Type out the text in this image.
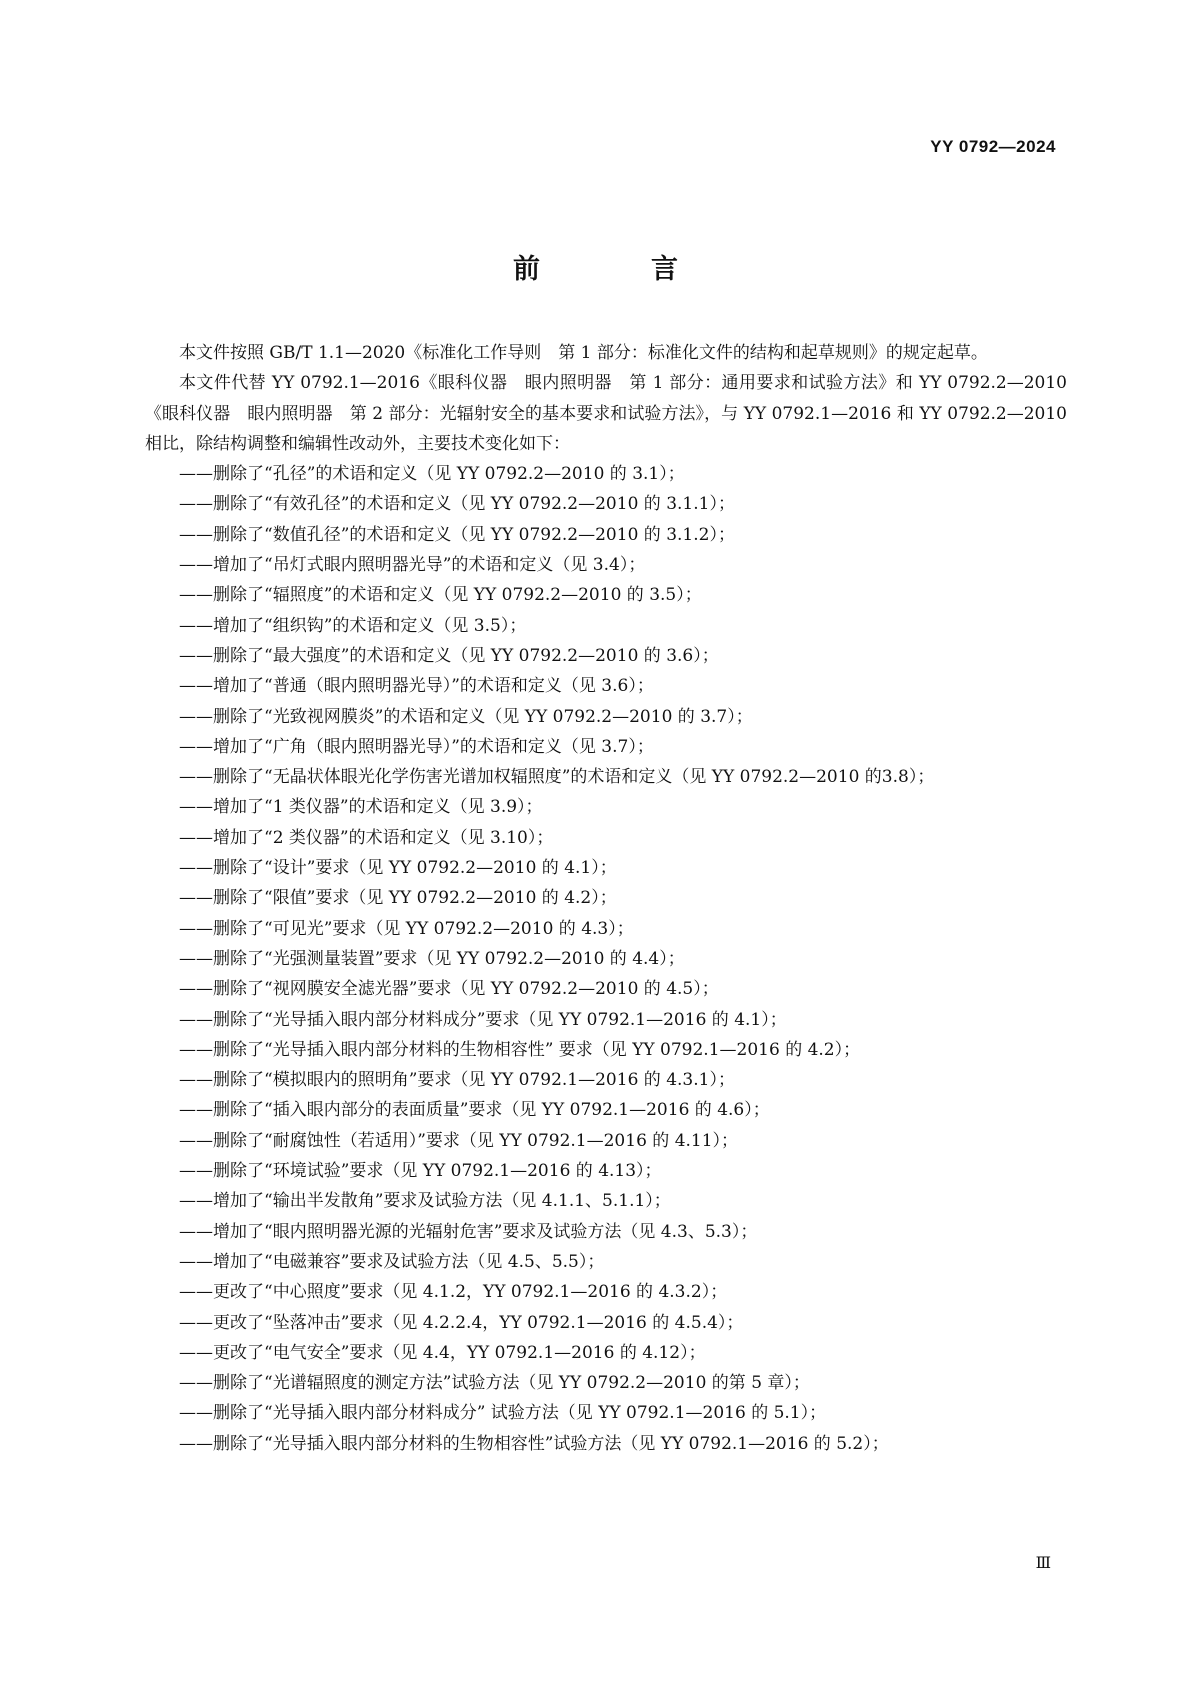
YY 0792—2024
前　言

本文件按照 GB/T 1.1—2020《标准化工作导则　第 1 部分：标准化文件的结构和起草规则》的规定起草。

本文件代替 YY 0792.1—2016《眼科仪器　眼内照明器　第 1 部分：通用要求和试验方法》和 YY 0792.2—2010《眼科仪器　眼内照明器　第 2 部分：光辐射安全的基本要求和试验方法》，与 YY 0792.1—2016 和 YY 0792.2—2010 相比，除结构调整和编辑性改动外，主要技术变化如下：

——删除了“孔径”的术语和定义（见 YY 0792.2—2010 的 3.1）；
——删除了“有效孔径”的术语和定义（见 YY 0792.2—2010 的 3.1.1）；
——删除了“数值孔径”的术语和定义（见 YY 0792.2—2010 的 3.1.2）；
——增加了“吊灯式眼内照明器光导”的术语和定义（见 3.4）；
——删除了“辐照度”的术语和定义（见 YY 0792.2—2010 的 3.5）；
——增加了“组织钩”的术语和定义（见 3.5）；
——删除了“最大强度”的术语和定义（见 YY 0792.2—2010 的 3.6）；
——增加了“普通（眼内照明器光导）”的术语和定义（见 3.6）；
——删除了“光致视网膜炎”的术语和定义（见 YY 0792.2—2010 的 3.7）；
——增加了“广角（眼内照明器光导）”的术语和定义（见 3.7）；
——删除了“无晶状体眼光化学伤害光谱加权辐照度”的术语和定义（见 YY 0792.2—2010 的3.8）；
——增加了“1 类仪器”的术语和定义（见 3.9）；
——增加了“2 类仪器”的术语和定义（见 3.10）；
——删除了“设计”要求（见 YY 0792.2—2010 的 4.1）；
——删除了“限值”要求（见 YY 0792.2—2010 的 4.2）；
——删除了“可见光”要求（见 YY 0792.2—2010 的 4.3）；
——删除了“光强测量装置”要求（见 YY 0792.2—2010 的 4.4）；
——删除了“视网膜安全滤光器”要求（见 YY 0792.2—2010 的 4.5）；
——删除了“光导插入眼内部分材料成分”要求（见 YY 0792.1—2016 的 4.1）；
——删除了“光导插入眼内部分材料的生物相容性” 要求（见 YY 0792.1—2016 的 4.2）；
——删除了“模拟眼内的照明角”要求（见 YY 0792.1—2016 的 4.3.1）；
——删除了“插入眼内部分的表面质量”要求（见 YY 0792.1—2016 的 4.6）；
——删除了“耐腐蚀性（若适用）”要求（见 YY 0792.1—2016 的 4.11）；
——删除了“环境试验”要求（见 YY 0792.1—2016 的 4.13）；
——增加了“输出半发散角”要求及试验方法（见 4.1.1、5.1.1）；
——增加了“眼内照明器光源的光辐射危害”要求及试验方法（见 4.3、5.3）；
——增加了“电磁兼容”要求及试验方法（见 4.5、5.5）；
——更改了“中心照度”要求（见 4.1.2，YY 0792.1—2016 的 4.3.2）；
——更改了“坠落冲击”要求（见 4.2.2.4，YY 0792.1—2016 的 4.5.4）；
——更改了“电气安全”要求（见 4.4，YY 0792.1—2016 的 4.12）；
——删除了“光谱辐照度的测定方法”试验方法（见 YY 0792.2—2010 的第 5 章）；
——删除了“光导插入眼内部分材料成分” 试验方法（见 YY 0792.1—2016 的 5.1）；
——删除了“光导插入眼内部分材料的生物相容性”试验方法（见 YY 0792.1—2016 的 5.2）；
Ⅲ
